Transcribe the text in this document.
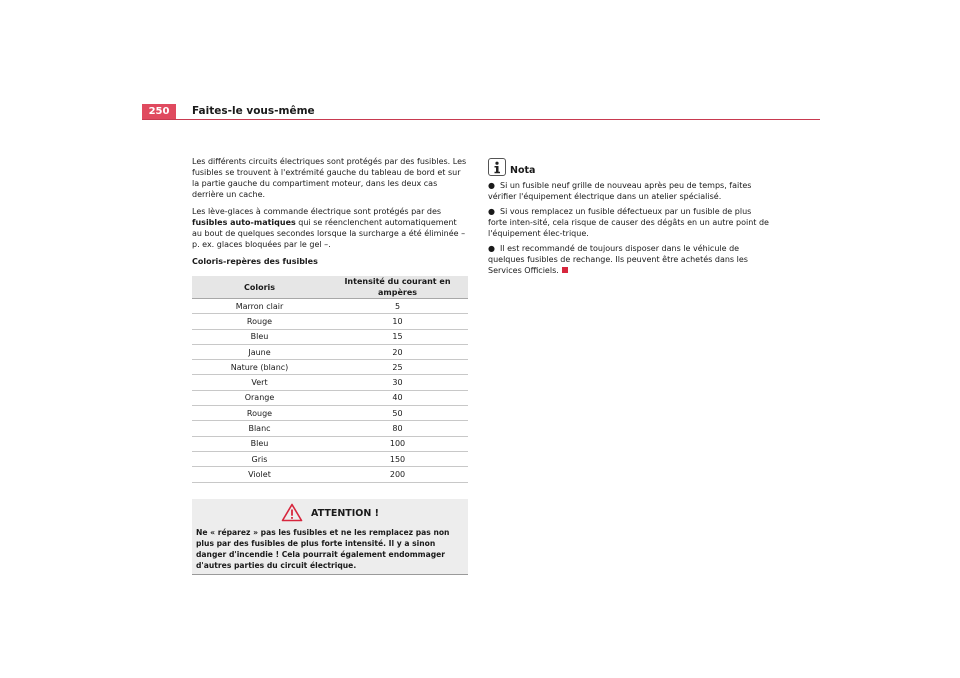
250	Faites-le vous-même

Les différents circuits électriques sont protégés par des fusibles. Les fusibles se trouvent à l'extrémité gauche du tableau de bord et sur la partie gauche du compartiment moteur, dans les deux cas derrière un cache.

Les lève-glaces à commande électrique sont protégés par des fusibles auto-matiques qui se réenclenchent automatiquement au bout de quelques secondes lorsque la surcharge a été éliminée – p. ex. glaces bloquées par le gel –.

Coloris-repères des fusibles

Coloris	Intensité du courant en ampères
Marron clair	5
Rouge	10
Bleu	15
Jaune	20
Nature (blanc)	25
Vert	30
Orange	40
Rouge	50
Blanc	80
Bleu	100
Gris	150
Violet	200
ATTENTION !
Ne « réparez » pas les fusibles et ne les remplacez pas non plus par des fusibles de plus forte intensité. Il y a sinon danger d'incendie ! Cela pourrait également endommager d'autres parties du circuit électrique.
Nota

● Si un fusible neuf grille de nouveau après peu de temps, faites vérifier l'équipement électrique dans un atelier spécialisé.

● Si vous remplacez un fusible défectueux par un fusible de plus forte inten-sité, cela risque de causer des dégâts en un autre point de l'équipement élec-trique.

● Il est recommandé de toujours disposer dans le véhicule de quelques fusibles de rechange. Ils peuvent être achetés dans les Services Officiels.
